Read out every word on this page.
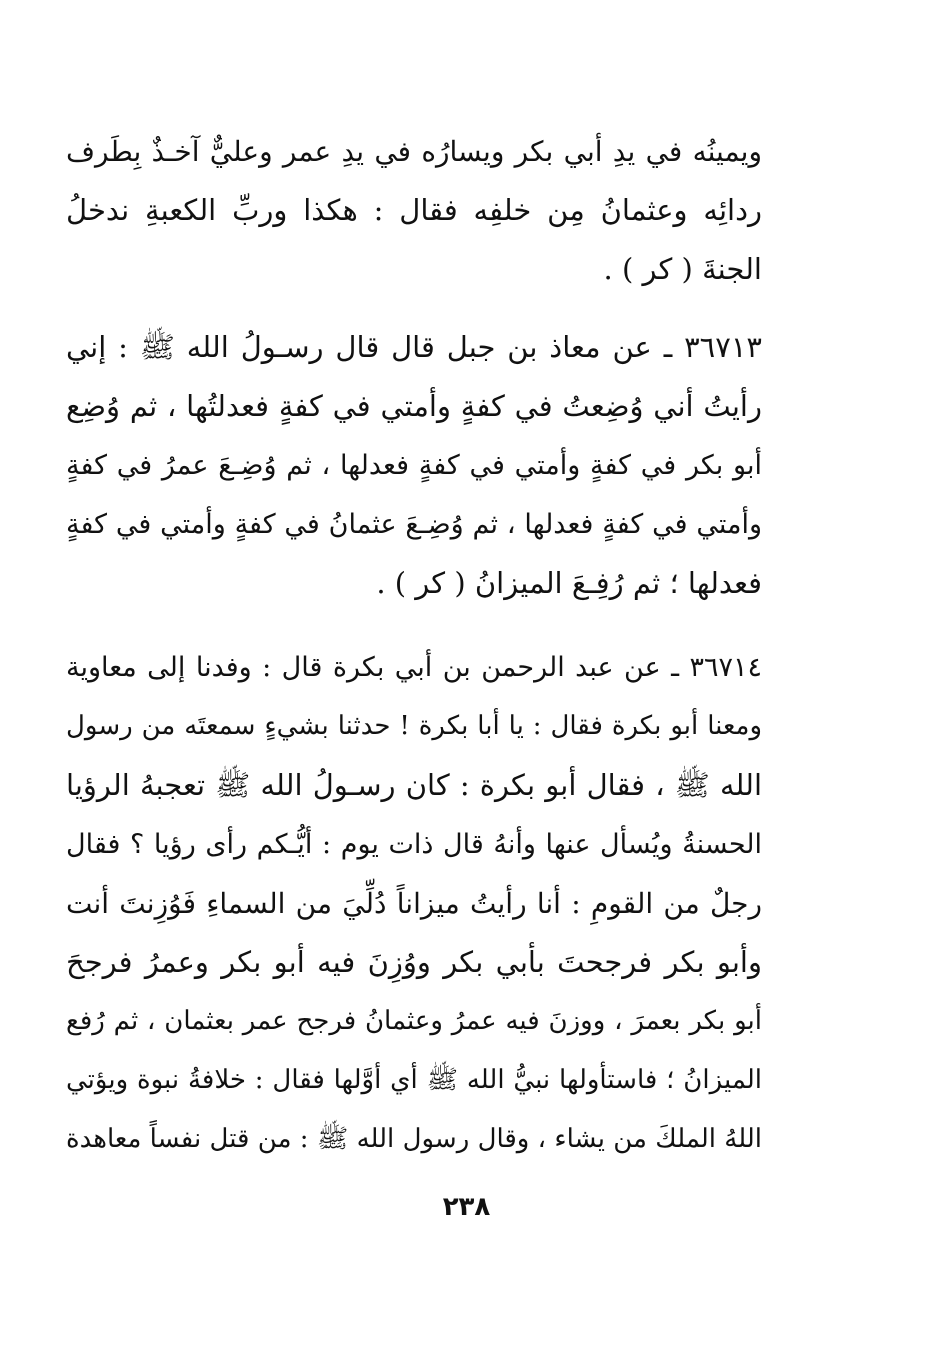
ويمينُه في يدِ أبي بكر ويسارُه في يدِ عمر وعليٌّ آخـذٌ بِطَرف
ردائِه وعثمانُ مِن خلفِه فقال : هكذا وربِّ الكعبةِ ندخلُ
الجنةَ ( كر ) .
٣٦٧١٣ ـ عن معاذ بن جبل قال قال رسـولُ الله ﷺ : إني
رأيتُ أني وُضِعتُ في كفةٍ وأمتي في كفةٍ فعدلتُها ، ثم وُضِع
أبو بكر في كفةٍ وأمتي في كفةٍ فعدلها ، ثم وُضِـعَ عمرُ في كفةٍ
وأمتي في كفةٍ فعدلها ، ثم وُضِـعَ عثمانُ في كفةٍ وأمتي في كفةٍ
فعدلها ؛ ثم رُفِـعَ الميزانُ ( كر ) .
٣٦٧١٤ ـ عن عبد الرحمن بن أبي بكرة قال : وفدنا إلى معاوية
ومعنا أبو بكرة فقال : يا أبا بكرة ! حدثنا بشيءٍ سمعتَه من رسول
الله ﷺ ، فقال أبو بكرة : كان رسـولُ الله ﷺ تعجبهُ الرؤيا
الحسنةُ ويُسأل عنها وأنهُ قال ذات يوم : أيُّـكم رأى رؤيا ؟ فقال
رجلٌ من القومِ : أنا رأيتُ ميزاناً دُلِّيَ من السماءِ فَوُزِنتَ أنت
وأبو بكر فرجحتَ بأبي بكر ووُزِنَ فيه أبو بكر وعمرُ فرجحَ
أبو بكر بعمرَ ، ووزنَ فيه عمرُ وعثمانُ فرجح عمر بعثمان ، ثم رُفع
الميزانُ ؛ فاستأولها نبيُّ الله ﷺ أي أوَّلها فقال : خلافةُ نبوة ويؤتي
اللهُ الملكَ من يشاء ، وقال رسول الله ﷺ : من قتل نفساً معاهدة
٢٣٨
